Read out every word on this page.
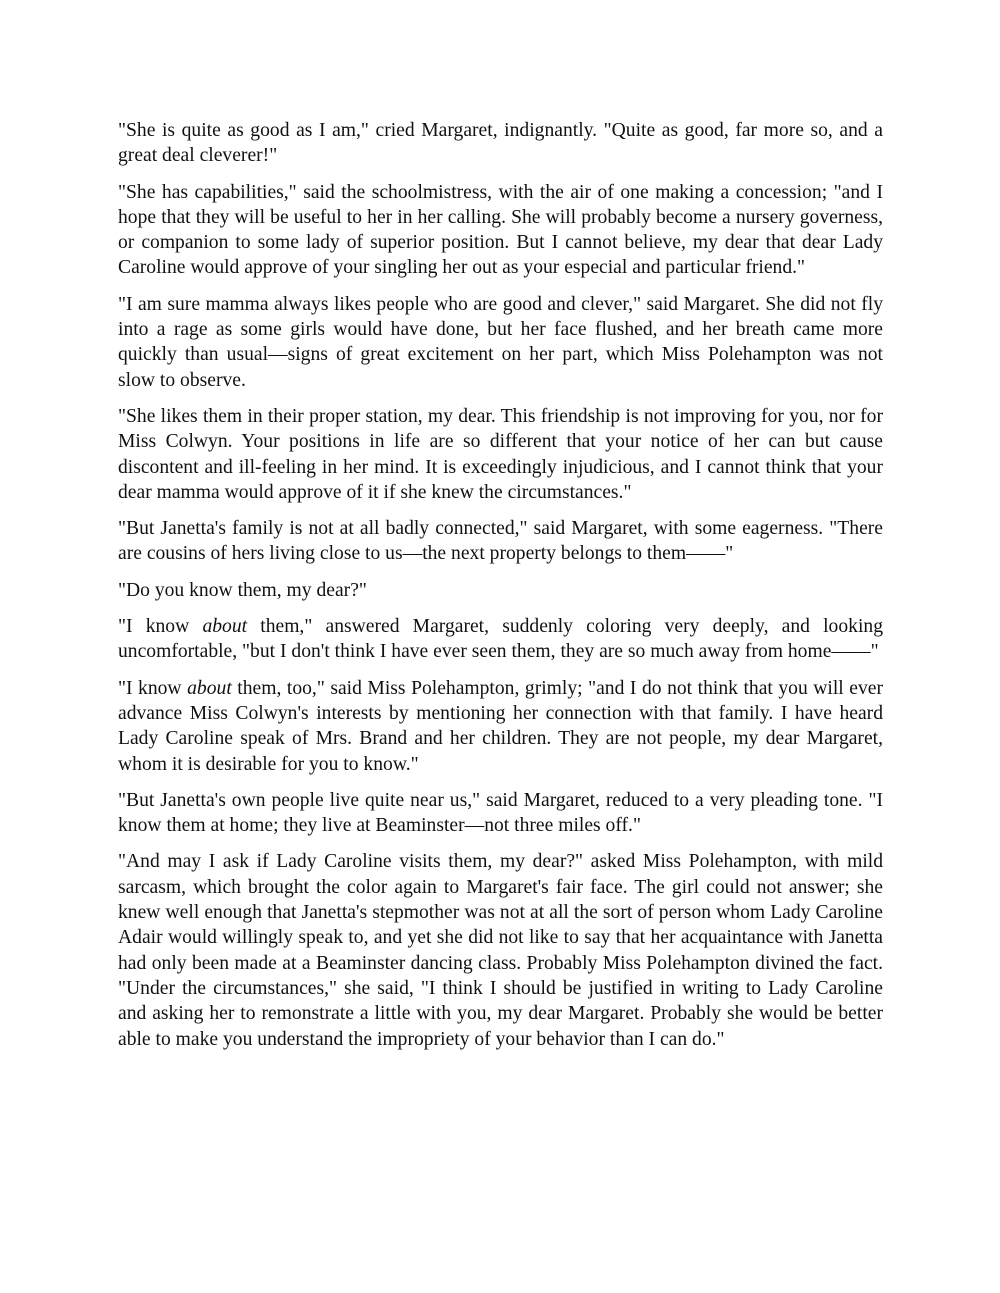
"She is quite as good as I am," cried Margaret, indignantly. "Quite as good, far more so, and a great deal cleverer!"

"She has capabilities," said the schoolmistress, with the air of one making a concession; "and I hope that they will be useful to her in her calling. She will probably become a nursery governess, or companion to some lady of superior position. But I cannot believe, my dear that dear Lady Caroline would approve of your singling her out as your especial and particular friend."

"I am sure mamma always likes people who are good and clever," said Margaret. She did not fly into a rage as some girls would have done, but her face flushed, and her breath came more quickly than usual—signs of great excitement on her part, which Miss Polehampton was not slow to observe.

"She likes them in their proper station, my dear. This friendship is not improving for you, nor for Miss Colwyn. Your positions in life are so different that your notice of her can but cause discontent and ill-feeling in her mind. It is exceedingly injudicious, and I cannot think that your dear mamma would approve of it if she knew the circumstances."

"But Janetta's family is not at all badly connected," said Margaret, with some eagerness. "There are cousins of hers living close to us—the next property belongs to them——"

"Do you know them, my dear?"

"I know about them," answered Margaret, suddenly coloring very deeply, and looking uncomfortable, "but I don't think I have ever seen them, they are so much away from home——"

"I know about them, too," said Miss Polehampton, grimly; "and I do not think that you will ever advance Miss Colwyn's interests by mentioning her connection with that family. I have heard Lady Caroline speak of Mrs. Brand and her children. They are not people, my dear Margaret, whom it is desirable for you to know."

"But Janetta's own people live quite near us," said Margaret, reduced to a very pleading tone. "I know them at home; they live at Beaminster—not three miles off."

"And may I ask if Lady Caroline visits them, my dear?" asked Miss Polehampton, with mild sarcasm, which brought the color again to Margaret's fair face. The girl could not answer; she knew well enough that Janetta's stepmother was not at all the sort of person whom Lady Caroline Adair would willingly speak to, and yet she did not like to say that her acquaintance with Janetta had only been made at a Beaminster dancing class. Probably Miss Polehampton divined the fact. "Under the circumstances," she said, "I think I should be justified in writing to Lady Caroline and asking her to remonstrate a little with you, my dear Margaret. Probably she would be better able to make you understand the impropriety of your behavior than I can do."
